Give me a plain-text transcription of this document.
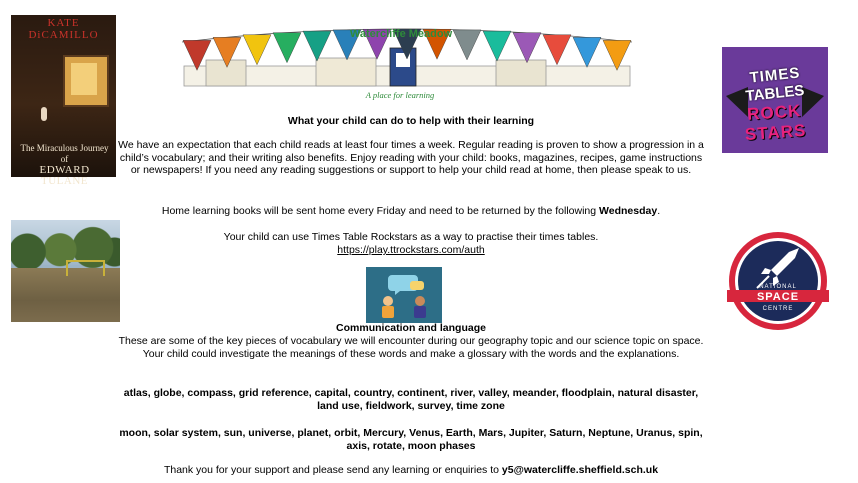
KATE DiCAMILLO
The Miraculous Journey of
EDWARD TULANE
Watercliffe Meadow
A place for learning
TIMES
TABLES
ROCK STARS
NATIONAL
SPACE
CENTRE
What your child can do to help with their learning
We have an expectation that each child reads at least four times a week. Regular reading is proven to show a progression in a child’s vocabulary; and their writing also benefits. Enjoy reading with your child: books, magazines, recipes, game instructions or newspapers! If you need any reading suggestions or support to help your child read at home, then please speak to us.
Home learning books will be sent home every Friday and need to be returned by the following Wednesday.
Your child can use Times Table Rockstars as a way to practise their times tables.
https://play.ttrockstars.com/auth
Communication and language
These are some of the key pieces of vocabulary we will encounter during our geography topic and our science topic on space. Your child could investigate the meanings of these words and make a glossary with the words and the explanations.
atlas, globe, compass, grid reference, capital, country, continent, river, valley, meander, floodplain, natural disaster, land use, fieldwork, survey, time zone
moon, solar system, sun, universe, planet, orbit, Mercury, Venus, Earth, Mars, Jupiter, Saturn, Neptune, Uranus, spin, axis, rotate, moon phases
Thank you for your support and please send any learning or enquiries to y5@watercliffe.sheffield.sch.uk
